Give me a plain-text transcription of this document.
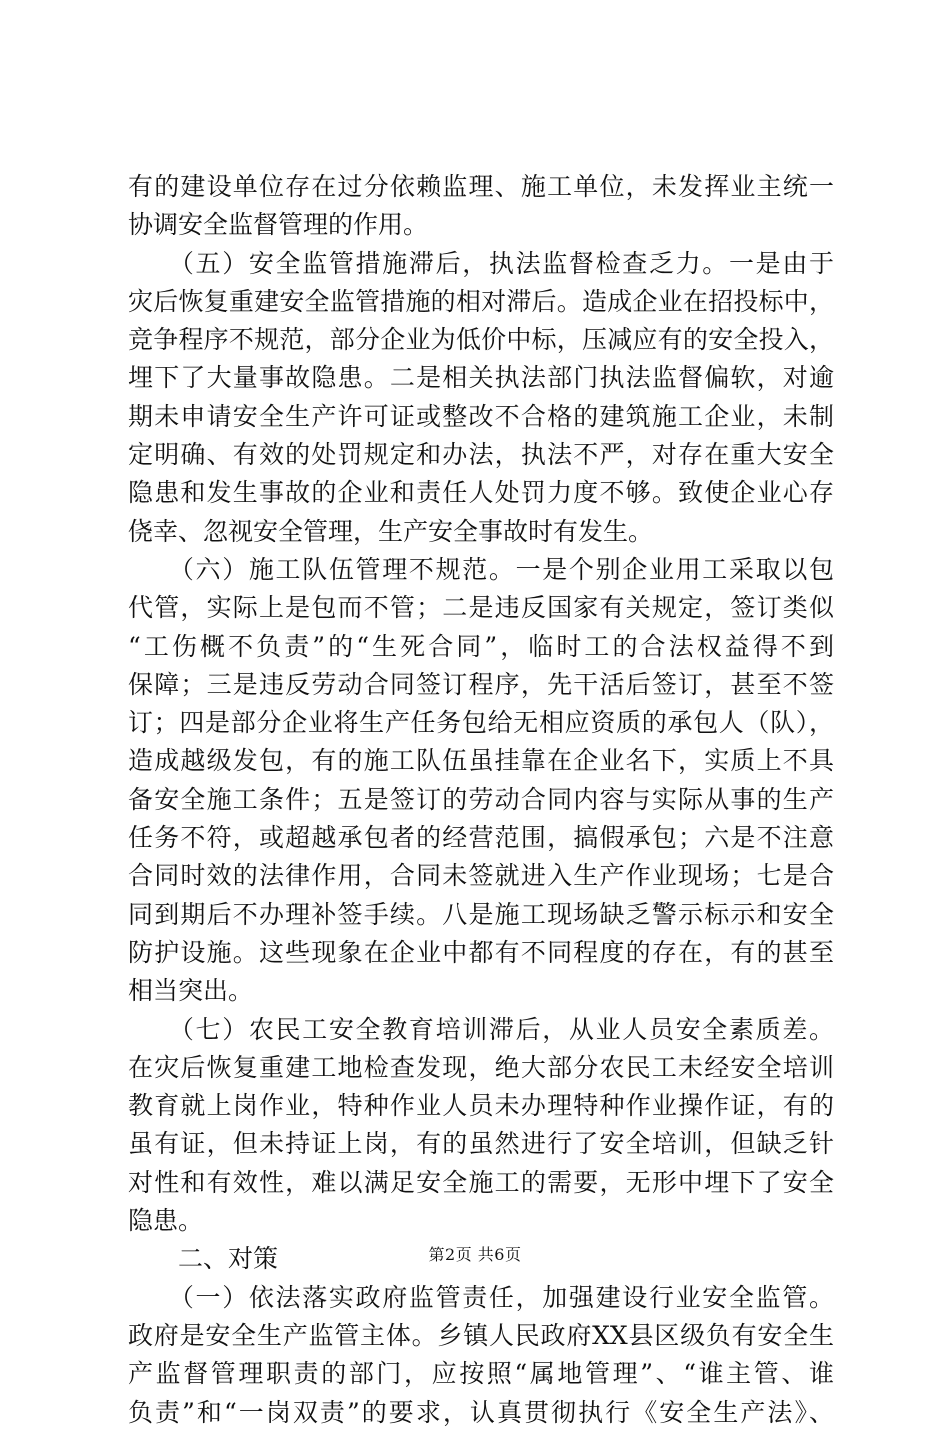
有的建设单位存在过分依赖监理、施工单位，未发挥业主统一
协调安全监督管理的作用。
　　（五）安全监管措施滞后，执法监督检查乏力。一是由于
灾后恢复重建安全监管措施的相对滞后。造成企业在招投标中，
竞争程序不规范，部分企业为低价中标，压减应有的安全投入，
埋下了大量事故隐患。二是相关执法部门执法监督偏软，对逾
期未申请安全生产许可证或整改不合格的建筑施工企业，未制
定明确、有效的处罚规定和办法，执法不严，对存在重大安全
隐患和发生事故的企业和责任人处罚力度不够。致使企业心存
侥幸、忽视安全管理，生产安全事故时有发生。
　　（六）施工队伍管理不规范。一是个别企业用工采取以包
代管，实际上是包而不管；二是违反国家有关规定，签订类似
“工伤概不负责”的“生死合同”，临时工的合法权益得不到
保障；三是违反劳动合同签订程序，先干活后签订，甚至不签
订；四是部分企业将生产任务包给无相应资质的承包人（队），
造成越级发包，有的施工队伍虽挂靠在企业名下，实质上不具
备安全施工条件；五是签订的劳动合同内容与实际从事的生产
任务不符，或超越承包者的经营范围，搞假承包；六是不注意
合同时效的法律作用，合同未签就进入生产作业现场；七是合
同到期后不办理补签手续。八是施工现场缺乏警示标示和安全
防护设施。这些现象在企业中都有不同程度的存在，有的甚至
相当突出。
　　（七）农民工安全教育培训滞后，从业人员安全素质差。
在灾后恢复重建工地检查发现，绝大部分农民工未经安全培训
教育就上岗作业，特种作业人员未办理特种作业操作证，有的
虽有证，但未持证上岗，有的虽然进行了安全培训，但缺乏针
对性和有效性，难以满足安全施工的需要，无形中埋下了安全
隐患。
　　二、对策
　　（一）依法落实政府监管责任，加强建设行业安全监管。
政府是安全生产监管主体。乡镇人民政府XX县区级负有安全生
产监督管理职责的部门，应按照“属地管理”、“谁主管、谁
负责”和“一岗双责”的要求，认真贯彻执行《安全生产法》、
第2页 共6页
